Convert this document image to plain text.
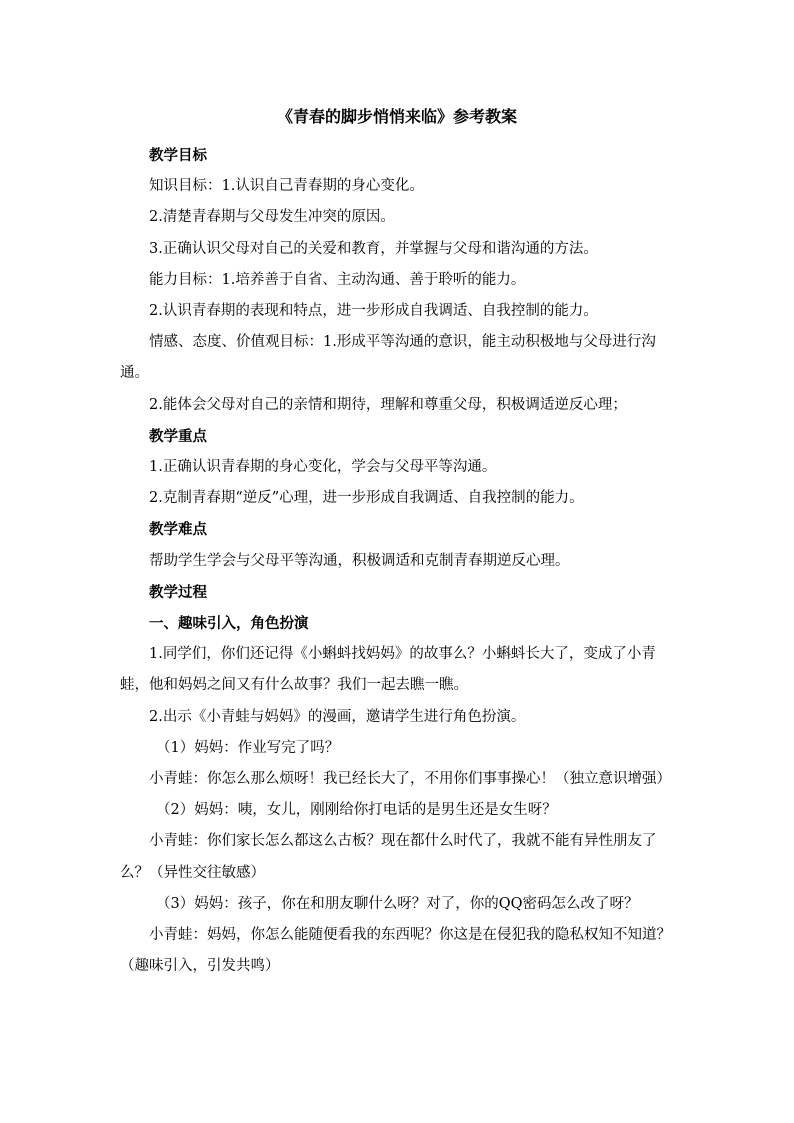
《青春的脚步悄悄来临》参考教案

教学目标

知识目标：1.认识自己青春期的身心变化。

2.清楚青春期与父母发生冲突的原因。

3.正确认识父母对自己的关爱和教育，并掌握与父母和谐沟通的方法。

能力目标：1.培养善于自省、主动沟通、善于聆听的能力。

2.认识青春期的表现和特点，进一步形成自我调适、自我控制的能力。

情感、态度、价值观目标：1.形成平等沟通的意识，能主动积极地与父母进行沟通。

2.能体会父母对自己的亲情和期待，理解和尊重父母，积极调适逆反心理；

教学重点

1.正确认识青春期的身心变化，学会与父母平等沟通。

2.克制青春期“逆反”心理，进一步形成自我调适、自我控制的能力。

教学难点

帮助学生学会与父母平等沟通，积极调适和克制青春期逆反心理。

教学过程

一、趣味引入，角色扮演

1.同学们，你们还记得《小蝌蚪找妈妈》的故事么？小蝌蚪长大了，变成了小青蛙，他和妈妈之间又有什么故事？我们一起去瞧一瞧。

2.出示《小青蛙与妈妈》的漫画，邀请学生进行角色扮演。

（1）妈妈：作业写完了吗？

小青蛙：你怎么那么烦呀！我已经长大了，不用你们事事操心！（独立意识增强）

（2）妈妈：咦，女儿，刚刚给你打电话的是男生还是女生呀？

小青蛙：你们家长怎么都这么古板？现在都什么时代了，我就不能有异性朋友了么？（异性交往敏感）

（3）妈妈：孩子，你在和朋友聊什么呀？对了，你的QQ密码怎么改了呀？

小青蛙：妈妈，你怎么能随便看我的东西呢？你这是在侵犯我的隐私权知不知道？（趣味引入，引发共鸣）
